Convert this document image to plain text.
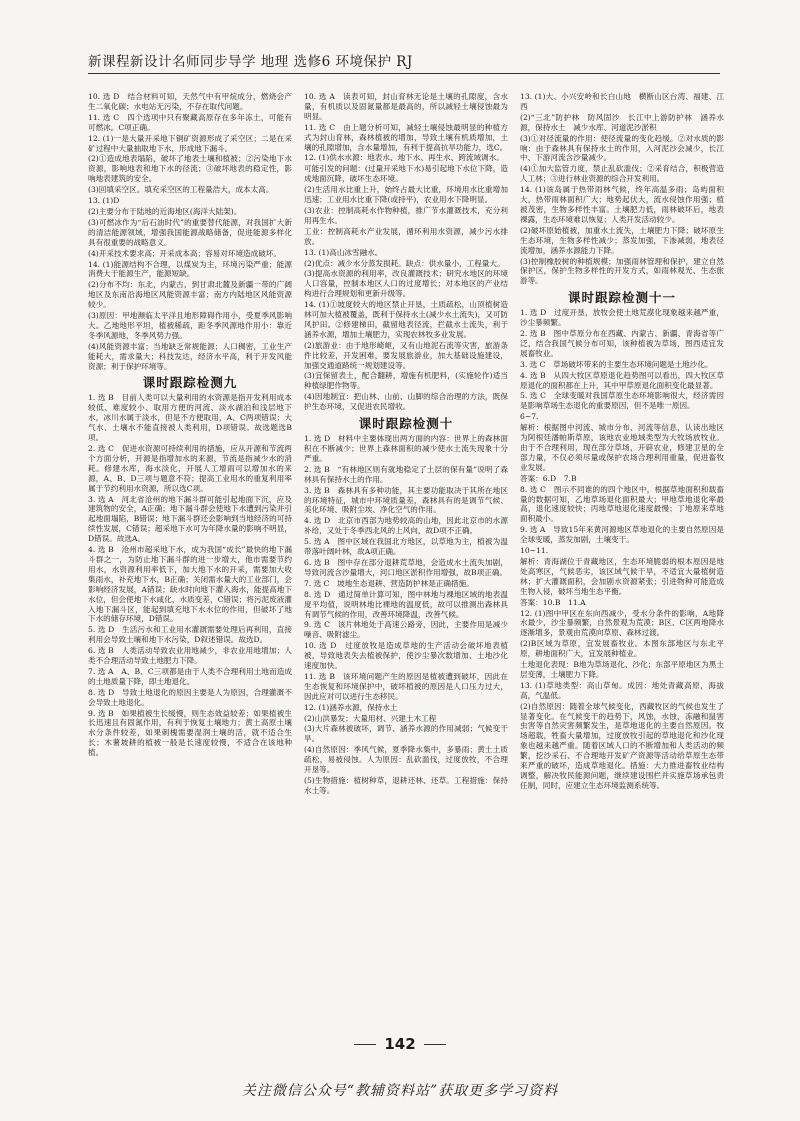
新课程新设计名师同步导学 地理 选修6 环境保护 RJ

10. 选 D　结合材料可知，天然气中有甲烷成分，燃烧会产生二氧化碳；水电站无污染，不存在取代问题。

11. 选 C　四个选项中只有聚藏高原存在多年冻土，可能有可燃冰。C项正确。

12. (1)一是大量开采地下铜矿资源形成了采空区；二是在采矿过程中大量抽取地下水，形成地下漏斗。

(2)①造成地表塌陷，破坏了地表土壤和植被；②污染地下水资源，影响地表和地下水的径流；③破坏地表的稳定性，影响地表建筑的安全。

(3)回填采空区。填充采空区的工程量浩大，成本太高。

13. (1)D

(2)主要分布于陆地的近海地区(海洋大陆架)。

(3)可燃冰作为“后石油时代”的重要替代能源，对我国扩大新的清洁能源领域，增强我国能源战略储备，促进能源多样化具有很重要的战略意义。

(4)开采技术要求高；开采成本高；容易对环境造成破坏。

14. (1)能源结构不合理，以煤炭为主，环境污染严重；能源消费大于能源生产，能源短缺。

(2)分布不均：东北，内蒙古，到甘肃北麓及新疆一带的广阔地区及东南沿海地区风能资源丰富；南方内陆地区风能资源较少。

(3)原因：甲地濒临太平洋且地形障碍作用小，受夏季风影响大。乙地地形平坦，植被稀疏，距冬季风源地作用小：靠近冬季风源地，冬季风势力强。

(4)风能资源丰富；当地缺乏常规能源；人口稠密，工业生产能耗大，需求量大；科技发达，经济水平高，利于开发风能资源；利于保护环境等。

课时跟踪检测九

1. 选 B　目前人类可以大量利用的水资源是指开发利用成本较低、难度较小、取用方便的河流、淡水湖泊和浅层地下水，冰川水属于淡水，但是不方便取用，A、C两项错误；大气水、土壤水不能直接被人类利用，D项错误。故选题选B项。

2. 选 C　促进水资源可持续利用的措施，应从开源和节流两个方面分析，开源是指增加水的来源，节流是指减少水的消耗。修建水库，海水淡化，开展人工增雨可以增加水的来源，A、B、D三项与题意不符；提高工业用水的重复利用率属于节约利用水资源，所以选C项。

3. 选 A　河北省沧州的地下漏斗群可能引起地面下沉，应及建筑物的安全，A正确；地下漏斗群会使地下水遭到污染并引起地面塌陷，B错误；地下漏斗群还会影响到当地经济的可持续性发展，C错误；超采地下水可为年降水量的影响不明显，D错误。故选A。

4. 选 B　沧州市超采地下水，成为我国“成长”最快的地下漏斗群之一，为防止地下漏斗群的进一步增大，他市需要节约用水，水资源利用率低下，加大地下水的开采，需要加大收集雨水，补充地下水，B正确；关闭需水量大的工业部门，会影响经济发展，A错误；缺水时向地下灌入海水，能提高地下水位，但会使地下水咸化，水质变差，C错误；将污泥废液灌入地下漏斗区，能起到填充地下水水位的作用，但破坏了地下水的储存环境，D错误。

5. 选 D　生活污水和工业用水灌溉需要处理后再利用，直接利用会导致土壤和地下水污染，D叙述错误。故选D。

6. 选 B　人类活动导致农业用地减少，非农业用地增加；人类不合理活动导致土地肥力下降。

7. 选 A　A、B、C三项都是由于人类不合理利用土地而造成的土地质量下降，即土地退化。

8. 选 D　导致土地退化的原因主要是人为原因，合理灌溉不会导致土地退化。

9. 选 B　如果植被生长缓慢，则生态效益较差；如果植被生长迅速且有固氮作用，有利于恢复土壤地力；黄土高原土壤水分条件较差，如果刺槐需要湿润土壤的活，就不适合生长；木薯坡耕的植被一般是长速度较慢，不适合在该地种植。

10. 选 A　读表可知，封山育林无论是土壤的孔隙度，含水量，有机质以及固氮量都是最高的，所以减轻土壤侵蚀最为明显。

11. 选 C　由上题分析可知，减轻土壤侵蚀最明显的种植方式为封山育林，森林植被的增加，导致土壤有机质增加，土壤的孔隙增加，含水量增加，有利于提高抗旱功能力，选C。

12. (1)供水水源：地表水、地下水、再生水、跨流域调水。

可能引发的问题：(过量开采地下水)易引起地下水位下降，造成地面沉降，破坏生态环境。

(2)生活用水比重上升，始终占最大比重，环境用水比重增加迅速；工业用水比重下降(或持平)，农业用水下降明显。

(3)农业：控制高耗水作物种植，推广节水灌溉技术，充分利用再生水。

工业：控制高耗水产业发展，循环利用水资源，减少污水排放。

13. (1)高山冰雪融水。

(2)优点：减少水分蒸发损耗。缺点：供水量小，工程量大。

(3)提高水资源的利用率，改良灌溉技术；研究水地区的环境人口容量，控制本地区人口的过度增长；对本地区的产业结构进行合理规划和更新升级等。

14. (1)①坡度较大的地区禁止开垦，土质疏松，山顶植树造林可加大植被覆盖，既利于保持水土(减少水土流失)，又可防风护田。②修建梯田，截留地表径流，拦截水土流失，利于涵养水源，增加土壤肥力，实现农林牧多业发展。

(2)旅游业：由于地形崎岖，又有山地泥石流等灾害，旅游条件比较差，开发困难，要发展旅游业，加大基础设施建设，加强交通道路统一规划建设等。

(3)宜保留表土，配合翻耕，增施有机肥料，(实施轮作)适当种植绿肥作物等。

(4)因地制宜：把山林、山前、山脚的综合治理的方法，既保护生态环境，又促进农民增收。

课时跟踪检测十

1. 选 D　材料中主要体现出两方面的内容：世界上的森林面积在不断减少；世界上森林面积的减少使水土流失现象十分严重。

2. 选 B　“有林地区则有就地稳定了土层的保有量”说明了森林具有保持水土的作用。

3. 选 B　森林具有多种功能，其主要功能取决于其所在地区的环境特征，城市中环境质量差，森林具有的是调节气候、美化环境、吸附尘埃、净化空气的作用。

4. 选 D　北京市西部为地势较高的山地，因此北京市的水源补给，又处于冬季西北风的上风向，故D项不正确。

5. 选 A　图中区域在我国北方地区，以草地为主，植被为温带落叶阔叶林，故A项正确。

6. 选 B　图中存在部分退耕荒草地，会造成水土流失加剧，导致河流含沙量增大，河口地区淤积作用增强，故B项正确。

7. 选 C　坡地生态退耕、营造防护林是正确措施。

8. 选 D　通过简单计算可知，图中林地与裸地区域的地表温度平均值，说明林地比裸地的温度低，故可以推测出森林具有调节气候的作用，改善环境降温，改善气候。

9. 选 C　该片林地处于高速公路旁，因此，主要作用是减少噪音、吸附滤尘。

10. 选 D　过度放牧是造成草地的生产活动会破坏地表植被，导致地表失去植被保护，使沙尘暴次数增加、土地沙化速度加快。

11. 选 B　该环境问题产生的原因是植被遭到破坏，因此在生态恢复和环境保护中，破坏植被的原因是人口压力过大，因此应对可以进行生态移民。

12. (1)涵养水源，保持水土

(2)山洪暴发；大量用材、兴建土木工程

(3)大片森林被破坏，调节、涵养水源的作用减弱；气候变干旱。

(4)自然原因：季风气候，夏季降水集中，多暴雨；黄土土质疏松，易被侵蚀。人为原因：乱砍滥伐，过度放牧，不合理开垦等。

(5)生物措施：植树种草，退耕还林、还草。工程措施：保持水土等。

13. (1)大、小兴安岭和长白山地　横断山区台湾、福建、江西

(2)“三北”防护林　防风固沙　长江中上游防护林　涵养水源，保持水土　减少水库、河道泥沙淤积

(3)①对径流量的作用：使径流量的变化趋缓。②对水质的影响：由于森林具有保持水土的作用，入河泥沙会减少，长江中、下游河流含沙量减少。

(4)①加大监管力度，禁止乱砍滥伐；②采育结合，积极营造人工林；③进行林业资源的综合开发利用。

14. (1)该岛属于热带雨林气候，终年高温多雨；岛屿面积大，热带雨林面积广大；地势起伏大，流水侵蚀作用强；植被茂密，生物多样性丰富。土壤肥力低，雨林破坏后，地表裸露，生态环境难以恢复；人类开发活动较少。

(2)破坏原始植被，加重水土流失，土壤肥力下降；破坏原生生态环境，生物多样性减少；蒸发加强，下渗减弱，地表径流增加，涵养水源能力下降。

(3)控制橡胶树的种植规模；加强雨林管理和保护，建立自然保护区，保护生物多样性的开发方式，如雨林观光、生态旅游等。

课时跟踪检测十一

1. 选 D　过度开垦，放牧会使土地荒漠化现象越来越严重，沙尘暴频繁。

2. 选 B　图中草原分布在西藏、内蒙古、新疆、青海省等广泛，结合我国气候分布可知，该种植被为草场，图西适宜发展畜牧业。

3. 选 C　草场破坏带来的主要生态环境问题是土地沙化。

4. 选 B　从四大牧区草原退化趋势图可以看出，四大牧区草原退化的面积都在上升，其中甲草原退化面积变化最显著。

5. 选 C　全球变暖对我国草原生态环境影响很大，经济需因是影响草场生态退化的重要原因，但不是唯一原因。

6~7.

解析：根据图中河流、城市分布、河流等信息，认读出地区为阿根廷潘帕斯草原，该地农业地域类型为大牧场放牧业。由于不合理利用，现在部分草场，开辟农业，修建卫星的全部力量，不仅必须尽量或保护农场合理利用重量，促进畜牧业发展。

答案：6.D　7.B

8. 选 C　图示不同谁的的四个地区中，根据草地面积和载畜量的数据可知，乙地草场退化面积最大；甲地草地退化率最高，退化速度较快；丙地草地退化速度最慢；丁地原来草地面积最小。

9. 选 A　导致15年来黄河源地区草地退化的主要自然原因是全球变暖，蒸发加剧，土壤变干。

10~11.

解析：青海湖位于青藏地区，生态环境脆弱的根本原因是地处高寒区，气候恶劣，该区域气候干旱，不适宜大量植树造林；扩大灌溉面积，会加剧水资源紧张；引进物种可能造成生物入侵，破坏当地生态平衡。

答案：10.B　11.A

12. (1)图中甲区在东向西减少，受水分条件的影响，A地降水最少，沙尘暴频繁，自然景观为荒漠；B区、C区两地降水逐渐增多，景观由荒漠向草原、森林过渡。

(2)B区域为草原，宜发展畜牧业。本图东部地区与东北平原，耕地面积广大，宜发展种植业。

土地退化表现：B地为草场退化、沙化；东部平原地区为黑土层变薄，土壤肥力下降。

13. (1)草地类型：高山草甸。成因：地处青藏高原，海拔高，气温低。

(2)自然原因：随着全球气候变化，西藏牧区的气候也发生了显著变化。在气候变干的趋势下，风蚀，水蚀，冻融和鼠害虫害等自然灾害频繁发生，是草地退化的主要自然原因。牧场超载，牲畜大量增加，过度放牧引起的草地退化和沙化现象也越来越严重。随着区域人口的不断增加和人类活动的频繁，挖沙采石、不合理地开发矿产资源等活动给草原生态带来严重的破坏，造成草地退化。措施：大力推进畜牧业结构调整，解决牧民能源问题，继续建设围栏并实施草场承包责任制，同时，应建立生态环境监测系统等。

142
关注微信公众号“教辅资料站”获取更多学习资料
